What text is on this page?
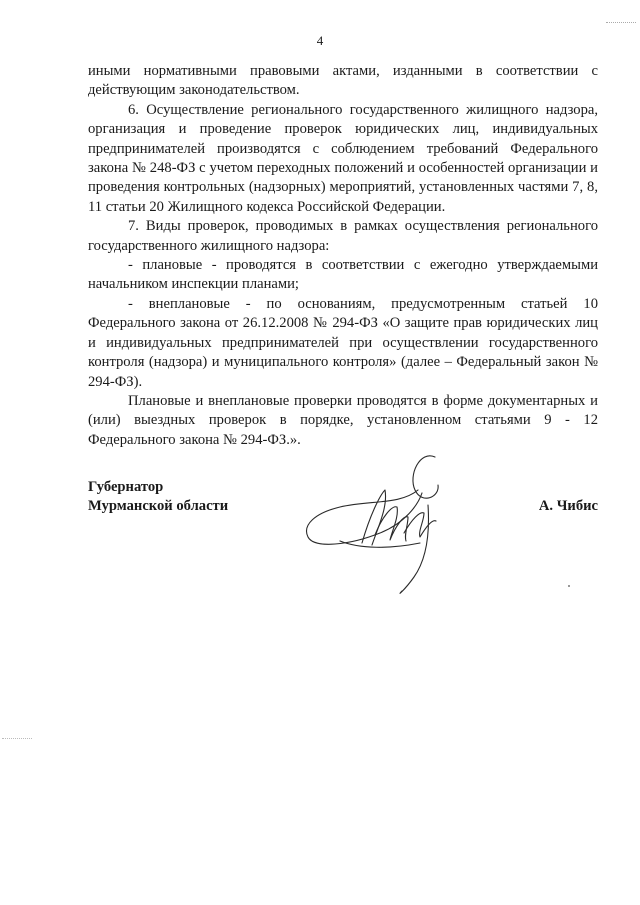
4

иными нормативными правовыми актами, изданными в соответствии с действующим законодательством.

6. Осуществление регионального государственного жилищного надзора, организация и проведение проверок юридических лиц, индивидуальных предпринимателей производятся с соблюдением требований Федерального закона № 248-ФЗ с учетом переходных положений и особенностей организации и проведения контрольных (надзорных) мероприятий, установленных частями 7, 8, 11 статьи 20 Жилищного кодекса Российской Федерации.

7. Виды проверок, проводимых в рамках осуществления регионального государственного жилищного надзора:

- плановые - проводятся в соответствии с ежегодно утверждаемыми начальником инспекции планами;

- внеплановые - по основаниям, предусмотренным статьей 10 Федерального закона от 26.12.2008 № 294-ФЗ «О защите прав юридических лиц и индивидуальных предпринимателей при осуществлении государственного контроля (надзора) и муниципального контроля» (далее – Федеральный закон № 294-ФЗ).

Плановые и внеплановые проверки проводятся в форме документарных и (или) выездных проверок в порядке, установленном статьями 9 - 12 Федерального закона № 294-ФЗ.».

Губернатор
Мурманской области	А. Чибис
